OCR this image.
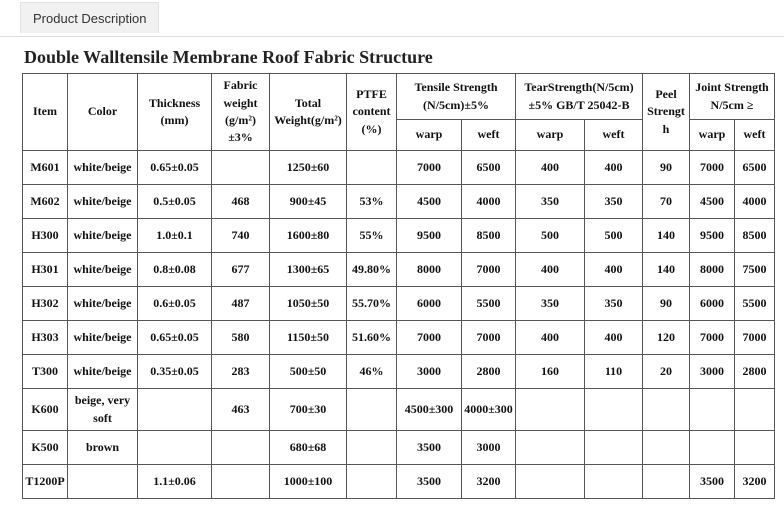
Product Description
Double Walltensile Membrane Roof Fabric Structure
Item	Color	Thickness (mm)	Fabric weight (g/m²)±3%	Total Weight(g/m²)	PTFE content (%)	Tensile Strength (N/5cm)±5%		TearStrength(N/5cm) ±5% GB/T 25042-B		Peel Strength	Joint Strength N/5cm ≥	
						warp	weft	warp	weft		warp	weft
M601	white/beige	0.65±0.05		1250±60		7000	6500	400	400	90	7000	6500
M602	white/beige	0.5±0.05	468	900±45	53%	4500	4000	350	350	70	4500	4000
H300	white/beige	1.0±0.1	740	1600±80	55%	9500	8500	500	500	140	9500	8500
H301	white/beige	0.8±0.08	677	1300±65	49.80%	8000	7000	400	400	140	8000	7500
H302	white/beige	0.6±0.05	487	1050±50	55.70%	6000	5500	350	350	90	6000	5500
H303	white/beige	0.65±0.05	580	1150±50	51.60%	7000	7000	400	400	120	7000	7000
T300	white/beige	0.35±0.05	283	500±50	46%	3000	2800	160	110	20	3000	2800
K600	beige, very soft		463	700±30		4500±300	4000±300					
K500	brown			680±68		3500	3000					
T1200P		1.1±0.06		1000±100		3500	3200				3500	3200
